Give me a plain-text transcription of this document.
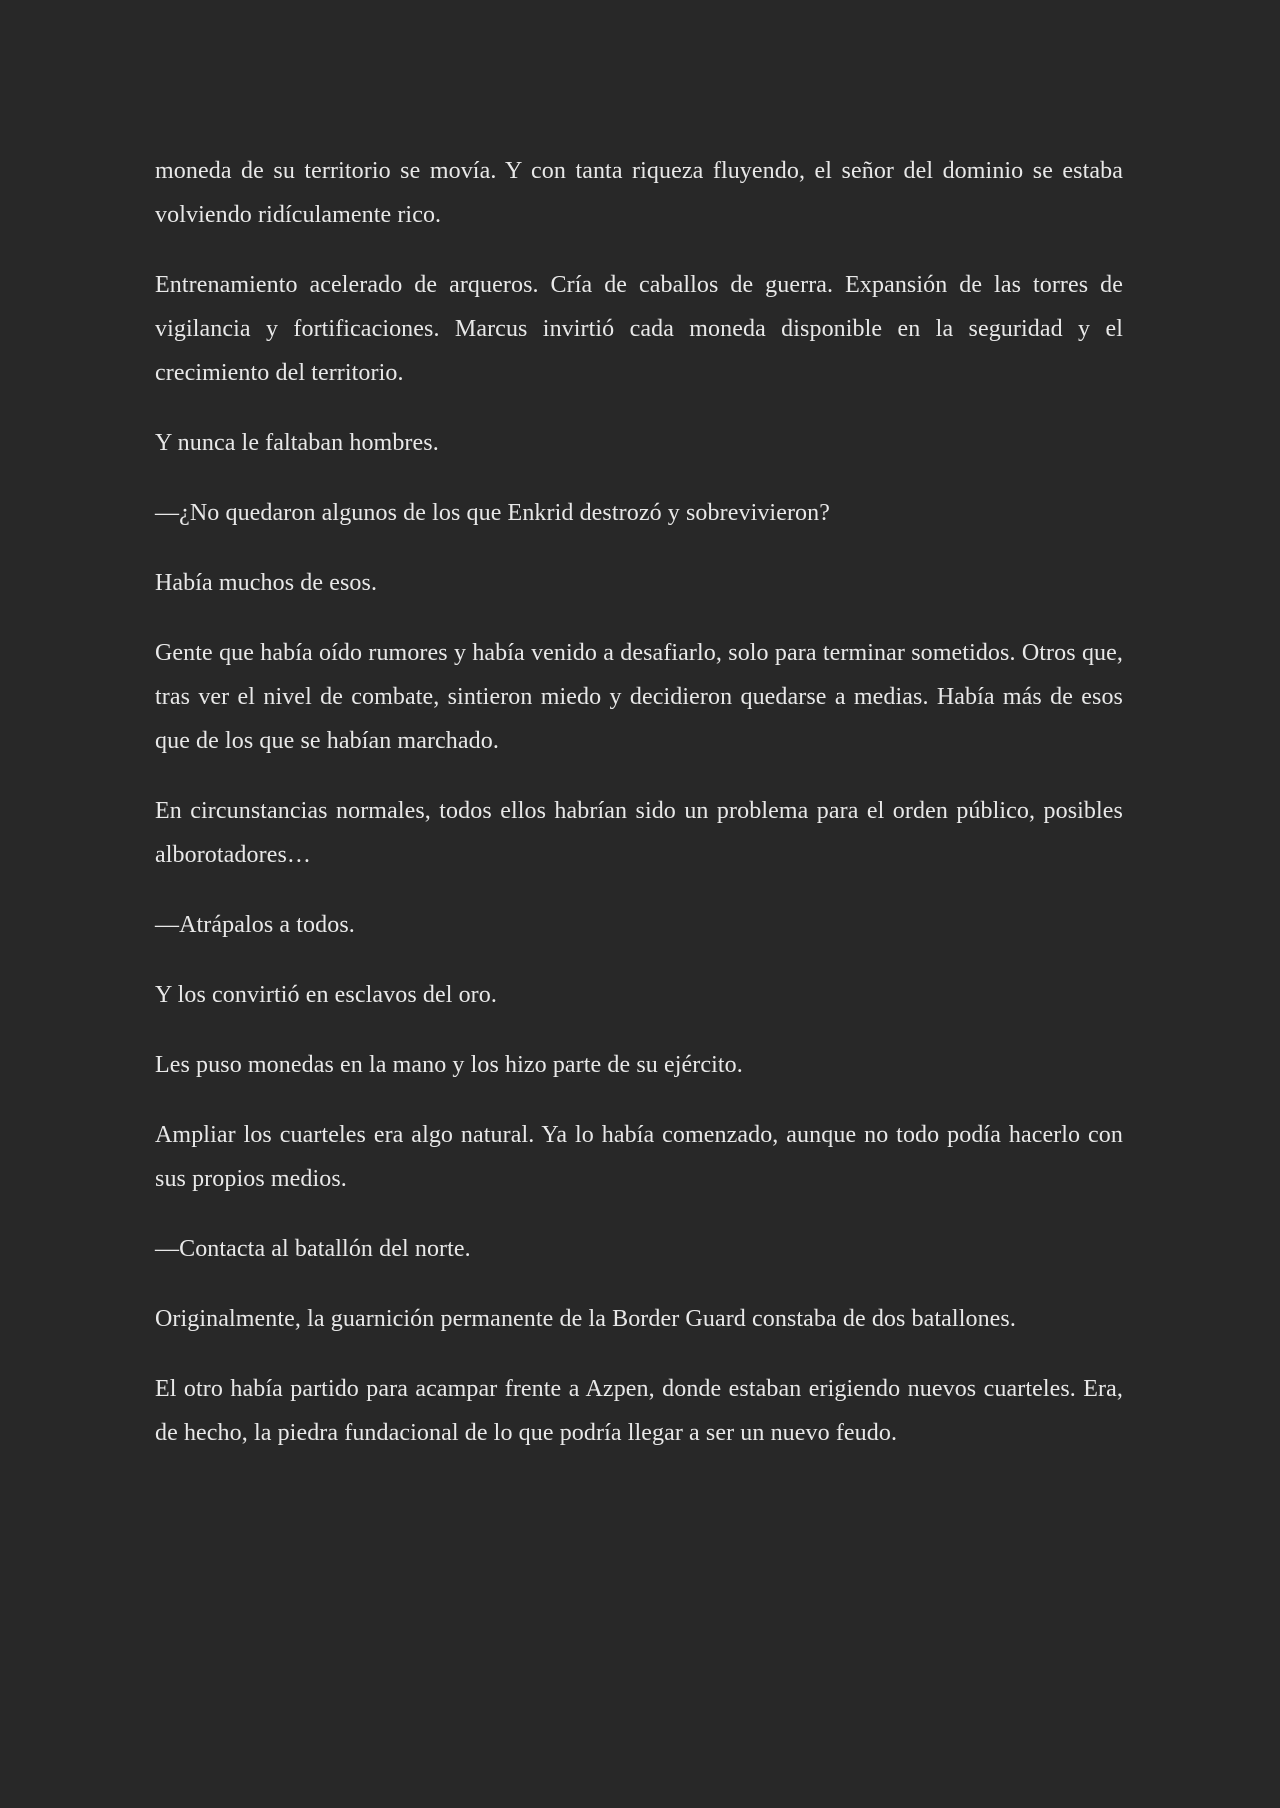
moneda de su territorio se movía. Y con tanta riqueza fluyendo, el señor del dominio se estaba volviendo ridículamente rico.

Entrenamiento acelerado de arqueros. Cría de caballos de guerra. Expansión de las torres de vigilancia y fortificaciones. Marcus invirtió cada moneda disponible en la seguridad y el crecimiento del territorio.

Y nunca le faltaban hombres.

—¿No quedaron algunos de los que Enkrid destrozó y sobrevivieron?

Había muchos de esos.

Gente que había oído rumores y había venido a desafiarlo, solo para terminar sometidos. Otros que, tras ver el nivel de combate, sintieron miedo y decidieron quedarse a medias. Había más de esos que de los que se habían marchado.

En circunstancias normales, todos ellos habrían sido un problema para el orden público, posibles alborotadores…

—Atrápalos a todos.

Y los convirtió en esclavos del oro.

Les puso monedas en la mano y los hizo parte de su ejército.

Ampliar los cuarteles era algo natural. Ya lo había comenzado, aunque no todo podía hacerlo con sus propios medios.

—Contacta al batallón del norte.

Originalmente, la guarnición permanente de la Border Guard constaba de dos batallones.

El otro había partido para acampar frente a Azpen, donde estaban erigiendo nuevos cuarteles. Era, de hecho, la piedra fundacional de lo que podría llegar a ser un nuevo feudo.
